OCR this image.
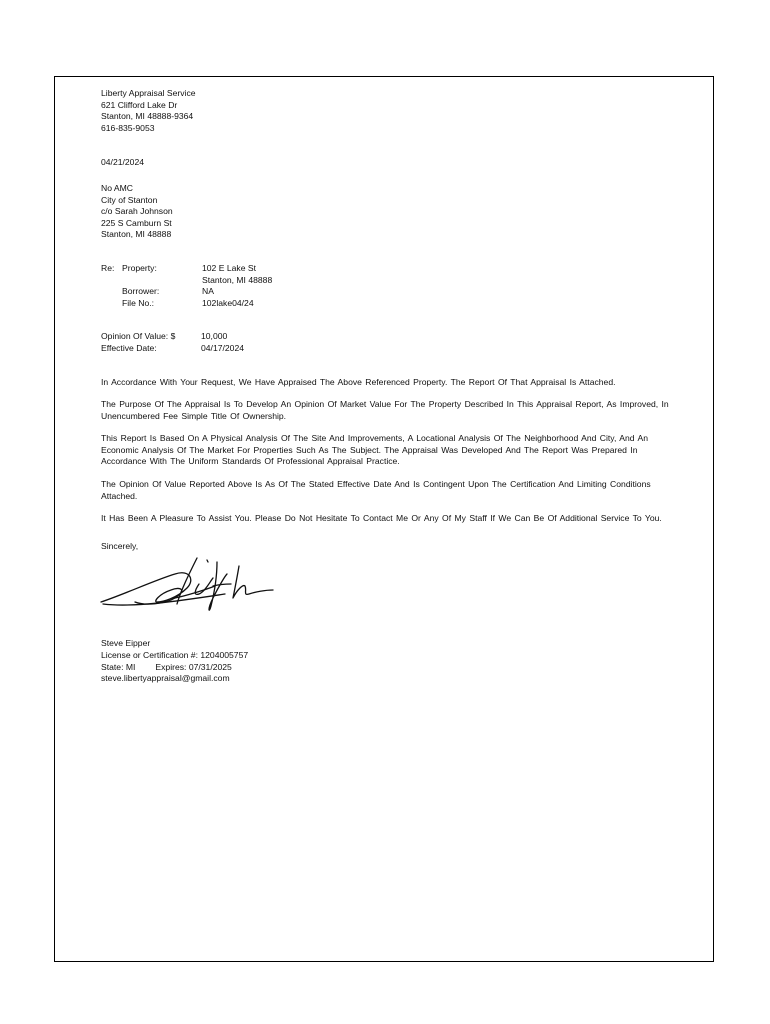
Liberty Appraisal Service
621 Clifford Lake Dr
Stanton, MI 48888-9364
616-835-9053
04/21/2024
No AMC
City of Stanton
c/o Sarah Johnson
225 S Camburn St
Stanton, MI 48888
Re: Property:	102 E Lake St
Stanton, MI 48888
Borrower:	NA
File No.:	102lake04/24
Opinion Of Value: $	10,000
Effective Date:	04/17/2024

In Accordance With Your Request, We Have Appraised The Above Referenced Property. The Report Of That Appraisal Is Attached.

The Purpose Of The Appraisal Is To Develop An Opinion Of Market Value For The Property Described In This Appraisal Report, As Improved, In Unencumbered Fee Simple Title Of Ownership.

This Report Is Based On A Physical Analysis Of The Site And Improvements, A Locational Analysis Of The Neighborhood And City, And An Economic Analysis Of The Market For Properties Such As The Subject. The Appraisal Was Developed And The Report Was Prepared In Accordance With The Uniform Standards Of Professional Appraisal Practice.

The Opinion Of Value Reported Above Is As Of The Stated Effective Date And Is Contingent Upon The Certification And Limiting Conditions Attached.

It Has Been A Pleasure To Assist You. Please Do Not Hesitate To Contact Me Or Any Of My Staff If We Can Be Of Additional Service To You.

Sincerely,
Steve Eipper
License or Certification #: 1204005757
State: MI Expires: 07/31/2025
steve.libertyappraisal@gmail.com
